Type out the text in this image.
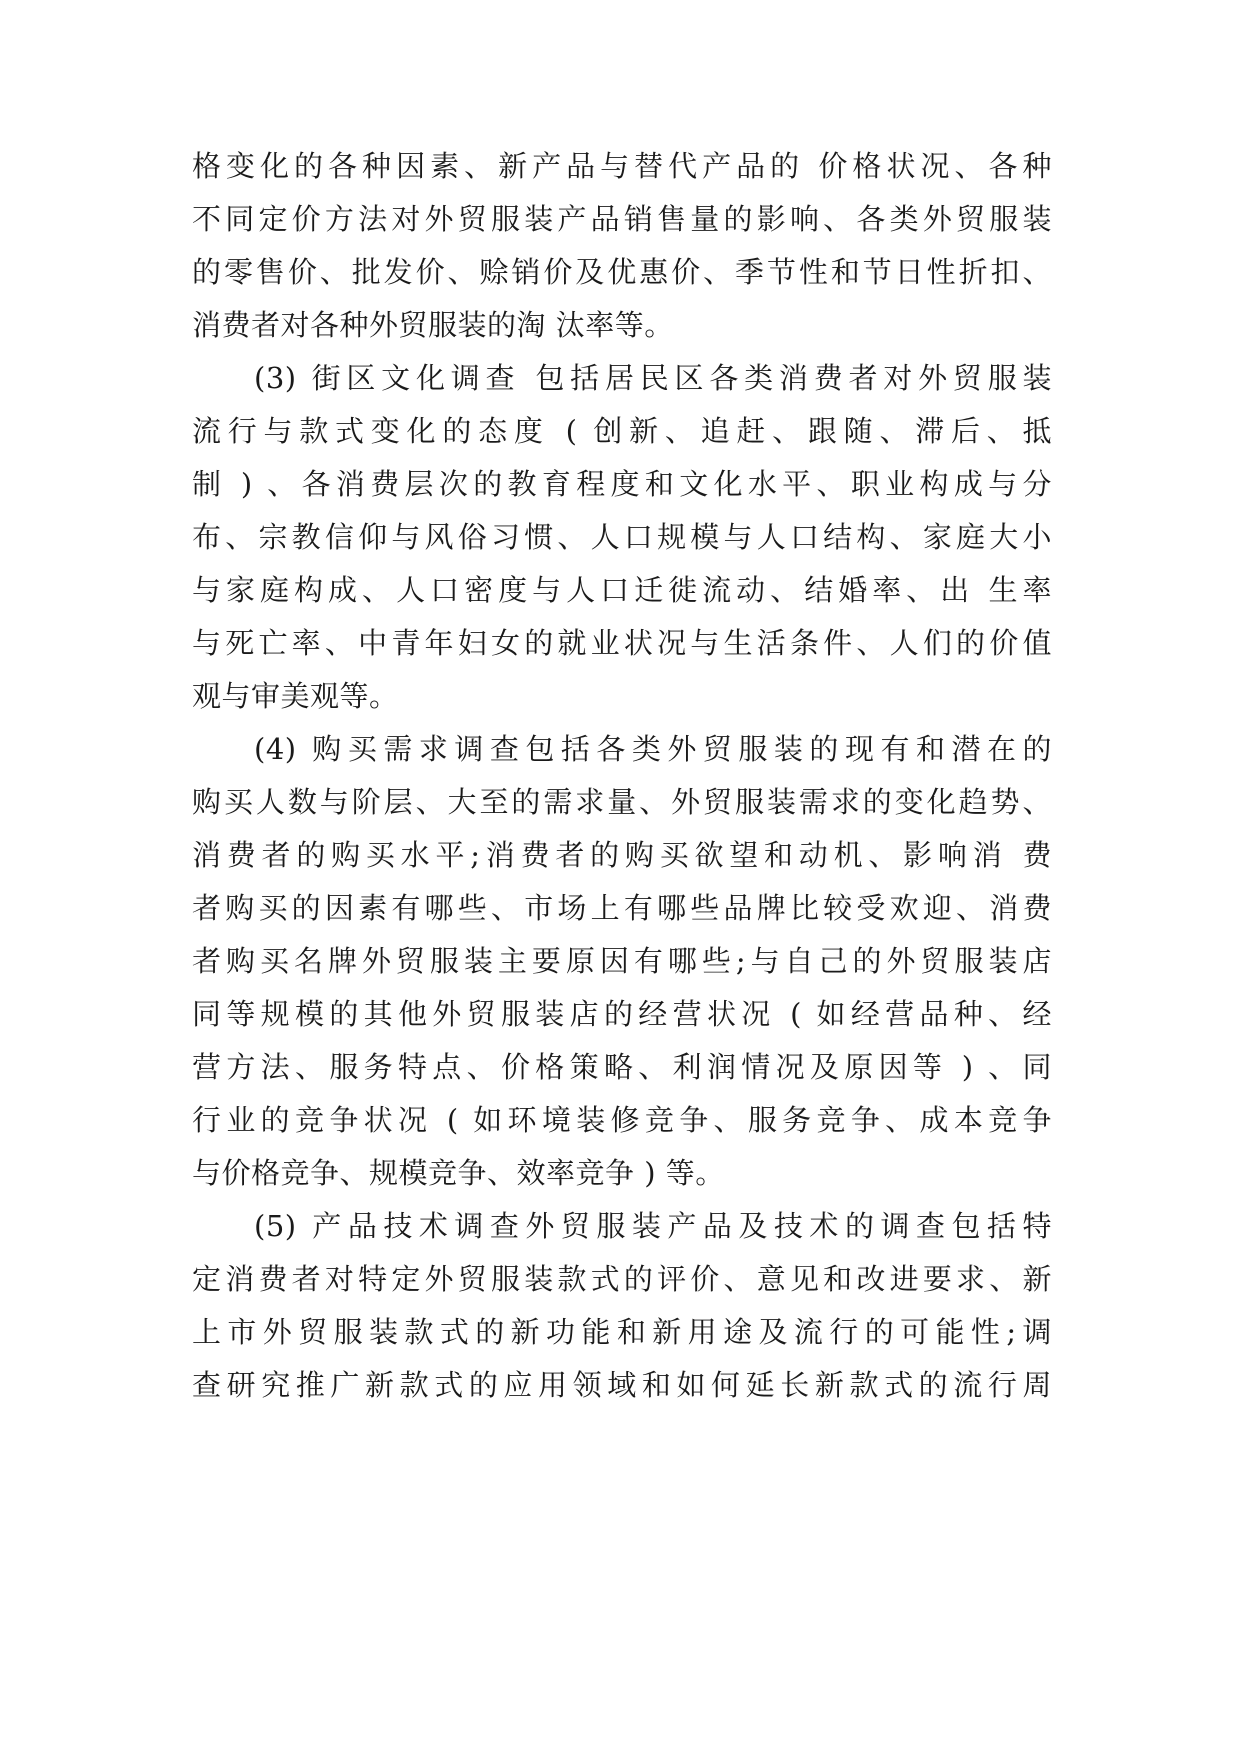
格变化的各种因素、新产品与替代产品的 价格状况、各种
不同定价方法对外贸服装产品销售量的影响、各类外贸服装
的零售价、批发价、赊销价及优惠价、季节性和节日性折扣、
消费者对各种外贸服装的淘 汰率等。
(3) 街区文化调查 包括居民区各类消费者对外贸服装
流行与款式变化的态度 ( 创新、追赶、跟随、滞后、抵
制 ) 、各消费层次的教育程度和文化水平、职业构成与分
布、宗教信仰与风俗习惯、人口规模与人口结构、家庭大小
与家庭构成、人口密度与人口迁徙流动、结婚率、出 生率
与死亡率、中青年妇女的就业状况与生活条件、人们的价值
观与审美观等。
(4) 购买需求调查包括各类外贸服装的现有和潜在的
购买人数与阶层、大至的需求量、外贸服装需求的变化趋势、
消费者的购买水平;消费者的购买欲望和动机、影响消 费
者购买的因素有哪些、市场上有哪些品牌比较受欢迎、消费
者购买名牌外贸服装主要原因有哪些;与自己的外贸服装店
同等规模的其他外贸服装店的经营状况 ( 如经营品种、经
营方法、服务特点、价格策略、利润情况及原因等 ) 、同
行业的竞争状况 ( 如环境装修竞争、服务竞争、成本竞争
与价格竞争、规模竞争、效率竞争 ) 等。
(5) 产品技术调查外贸服装产品及技术的调查包括特
定消费者对特定外贸服装款式的评价、意见和改进要求、新
上市外贸服装款式的新功能和新用途及流行的可能性;调
查研究推广新款式的应用领域和如何延长新款式的流行周
